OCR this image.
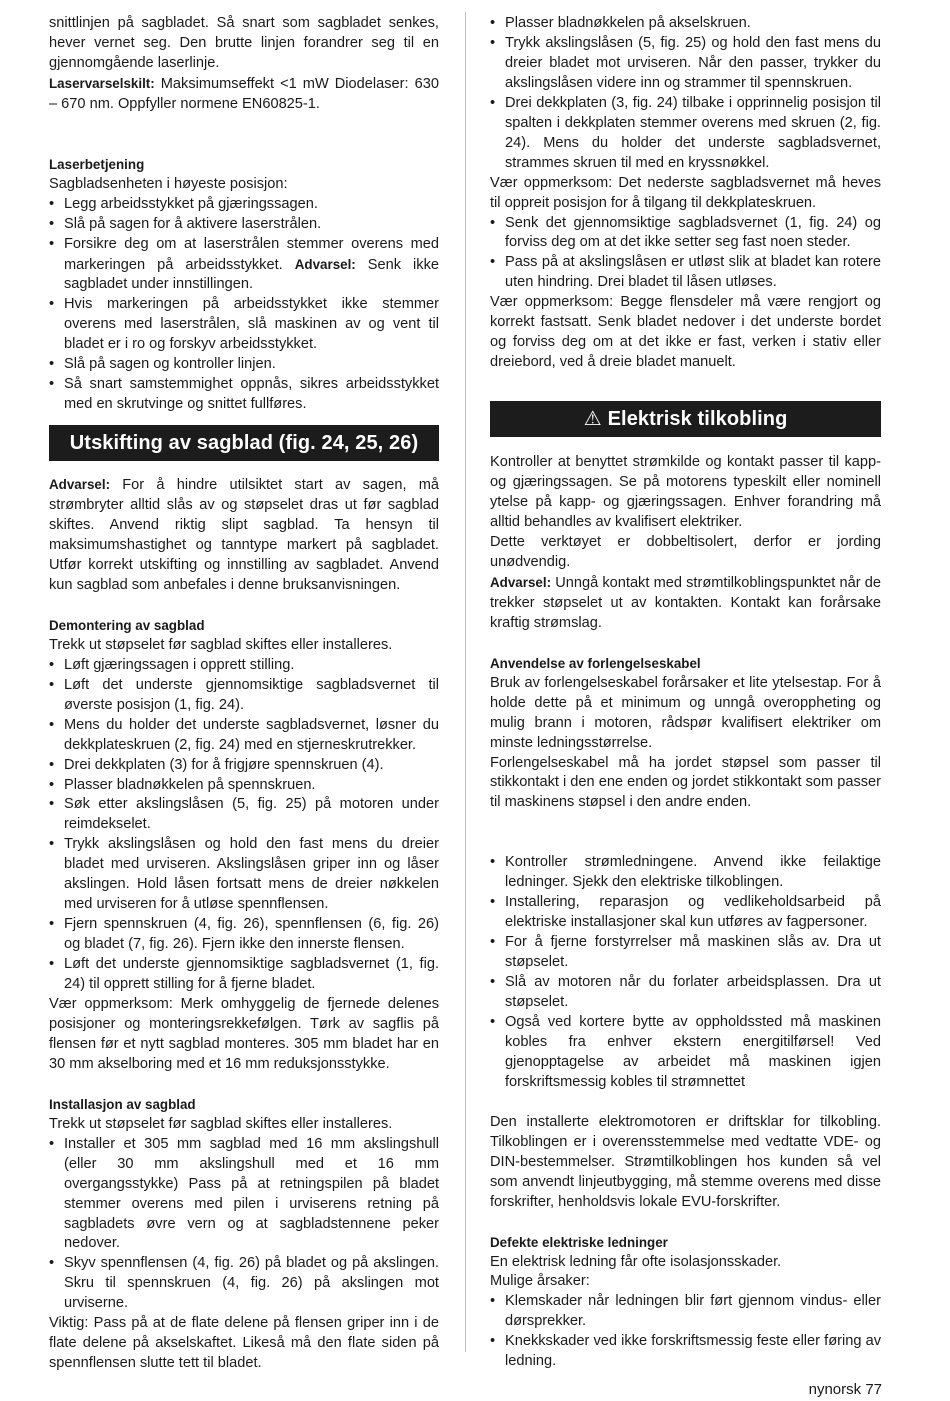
snittlinjen på sagbladet. Så snart som sagbladet senkes, hever vernet seg. Den brutte linjen forandrer seg til en gjennomgående laserlinje.

Laservarselskilt: Maksimumseffekt <1 mW Diodelaser: 630 – 670 nm. Oppfyller normene EN60825-1.

Laserbetjening

Sagbladsenheten i høyeste posisjon:

• Legg arbeidsstykket på gjæringssagen.
• Slå på sagen for å aktivere laserstrålen.
• Forsikre deg om at laserstrålen stemmer overens med markeringen på arbeidsstykket. Advarsel: Senk ikke sagbladet under innstillingen.
• Hvis markeringen på arbeidsstykket ikke stemmer overens med laserstrålen, slå maskinen av og vent til bladet er i ro og forskyv arbeidsstykket.
• Slå på sagen og kontroller linjen.
• Så snart samstemmighet oppnås, sikres arbeidsstykket med en skrutvinge og snittet fullføres.
Utskifting av sagblad (fig. 24, 25, 26)

Advarsel: For å hindre utilsiktet start av sagen, må strømbryter alltid slås av og støpselet dras ut før sagblad skiftes. Anvend riktig slipt sagblad. Ta hensyn til maksimumshastighet og tanntype markert på sagbladet. Utfør korrekt utskifting og innstilling av sagbladet. Anvend kun sagblad som anbefales i denne bruksanvisningen.

Demontering av sagblad

Trekk ut støpselet før sagblad skiftes eller installeres.

• Løft gjæringssagen i opprett stilling.
• Løft det underste gjennomsiktige sagbladsvernet til øverste posisjon (1, fig. 24).
• Mens du holder det underste sagbladsvernet, løsner du dekkplateskruen (2, fig. 24) med en stjerneskrutrekker.
• Drei dekkplaten (3) for å frigjøre spennskruen (4).
• Plasser bladnøkkelen på spennskruen.
• Søk etter akslingslåsen (5, fig. 25) på motoren under reimdekselet.
• Trykk akslingslåsen og hold den fast mens du dreier bladet med urviseren. Akslingslåsen griper inn og låser akslingen. Hold låsen fortsatt mens de dreier nøkkelen med urviseren for å utløse spennflensen.
• Fjern spennskruen (4, fig. 26), spennflensen (6, fig. 26) og bladet (7, fig. 26). Fjern ikke den innerste flensen.
• Løft det underste gjennomsiktige sagbladsvernet (1, fig. 24) til opprett stilling for å fjerne bladet.

Vær oppmerksom: Merk omhyggelig de fjernede delenes posisjoner og monteringsrekkefølgen. Tørk av sagflis på flensen før et nytt sagblad monteres. 305 mm bladet har en 30 mm akselboring med et 16 mm reduksjonsstykke.

Installasjon av sagblad

Trekk ut støpselet før sagblad skiftes eller installeres.

• Installer et 305 mm sagblad med 16 mm akslingshull (eller 30 mm akslingshull med et 16 mm overgangsstykke) Pass på at retningspilen på bladet stemmer overens med pilen i urviserens retning på sagbladets øvre vern og at sagbladstennene peker nedover.
• Skyv spennflensen (4, fig. 26) på bladet og på akslingen. Skru til spennskruen (4, fig. 26) på akslingen mot urviserne.

Viktig: Pass på at de flate delene på flensen griper inn i de flate delene på akselskaftet. Likeså må den flate siden på spennflensen slutte tett til bladet.

• Plasser bladnøkkelen på akselskruen.
• Trykk akslingslåsen (5, fig. 25) og hold den fast mens du dreier bladet mot urviseren. Når den passer, trykker du akslingslåsen videre inn og strammer til spennskruen.
• Drei dekkplaten (3, fig. 24) tilbake i opprinnelig posisjon til spalten i dekkplaten stemmer overens med skruen (2, fig. 24). Mens du holder det underste sagbladsvernet, strammes skruen til med en kryssnøkkel.

Vær oppmerksom: Det nederste sagbladsvernet må heves til oppreit posisjon for å tilgang til dekkplateskruen.

• Senk det gjennomsiktige sagbladsvernet (1, fig. 24) og forviss deg om at det ikke setter seg fast noen steder.
• Pass på at akslingslåsen er utløst slik at bladet kan rotere uten hindring. Drei bladet til låsen utløses.

Vær oppmerksom: Begge flensdeler må være rengjort og korrekt fastsatt. Senk bladet nedover i det underste bordet og forviss deg om at det ikke er fast, verken i stativ eller dreiebord, ved å dreie bladet manuelt.

⚠ Elektrisk tilkobling

Kontroller at benyttet strømkilde og kontakt passer til kapp- og gjæringssagen. Se på motorens typeskilt eller nominell ytelse på kapp- og gjæringssagen. Enhver forandring må alltid behandles av kvalifisert elektriker.

Dette verktøyet er dobbeltisolert, derfor er jording unødvendig.

Advarsel: Unngå kontakt med strømtilkoblingspunktet når de trekker støpselet ut av kontakten. Kontakt kan forårsake kraftig strømslag.

Anvendelse av forlengelseskabel

Bruk av forlengelseskabel forårsaker et lite ytelsestap. For å holde dette på et minimum og unngå overoppheting og mulig brann i motoren, rådspør kvalifisert elektriker om minste ledningsstørrelse.

Forlengelseskabel må ha jordet støpsel som passer til stikkontakt i den ene enden og jordet stikkontakt som passer til maskinens støpsel i den andre enden.

• Kontroller strømledningene. Anvend ikke feilaktige ledninger. Sjekk den elektriske tilkoblingen.
• Installering, reparasjon og vedlikeholdsarbeid på elektriske installasjoner skal kun utføres av fagpersoner.
• For å fjerne forstyrrelser må maskinen slås av. Dra ut støpselet.
• Slå av motoren når du forlater arbeidsplassen. Dra ut støpselet.
• Også ved kortere bytte av oppholdssted må maskinen kobles fra enhver ekstern energitilførsel! Ved gjenopptagelse av arbeidet må maskinen igjen forskriftsmessig kobles til strømnettet

Den installerte elektromotoren er driftsklar for tilkobling. Tilkoblingen er i overensstemmelse med vedtatte VDE- og DIN-bestemmelser. Strømtilkoblingen hos kunden så vel som anvendt linjeutbygging, må stemme overens med disse forskrifter, henholdsvis lokale EVU-forskrifter.

Defekte elektriske ledninger

En elektrisk ledning får ofte isolasjonsskader.

Mulige årsaker:

• Klemskader når ledningen blir ført gjennom vindus- eller dørsprekker.
• Knekkskader ved ikke forskriftsmessig feste eller føring av ledning.
nynorsk 77
